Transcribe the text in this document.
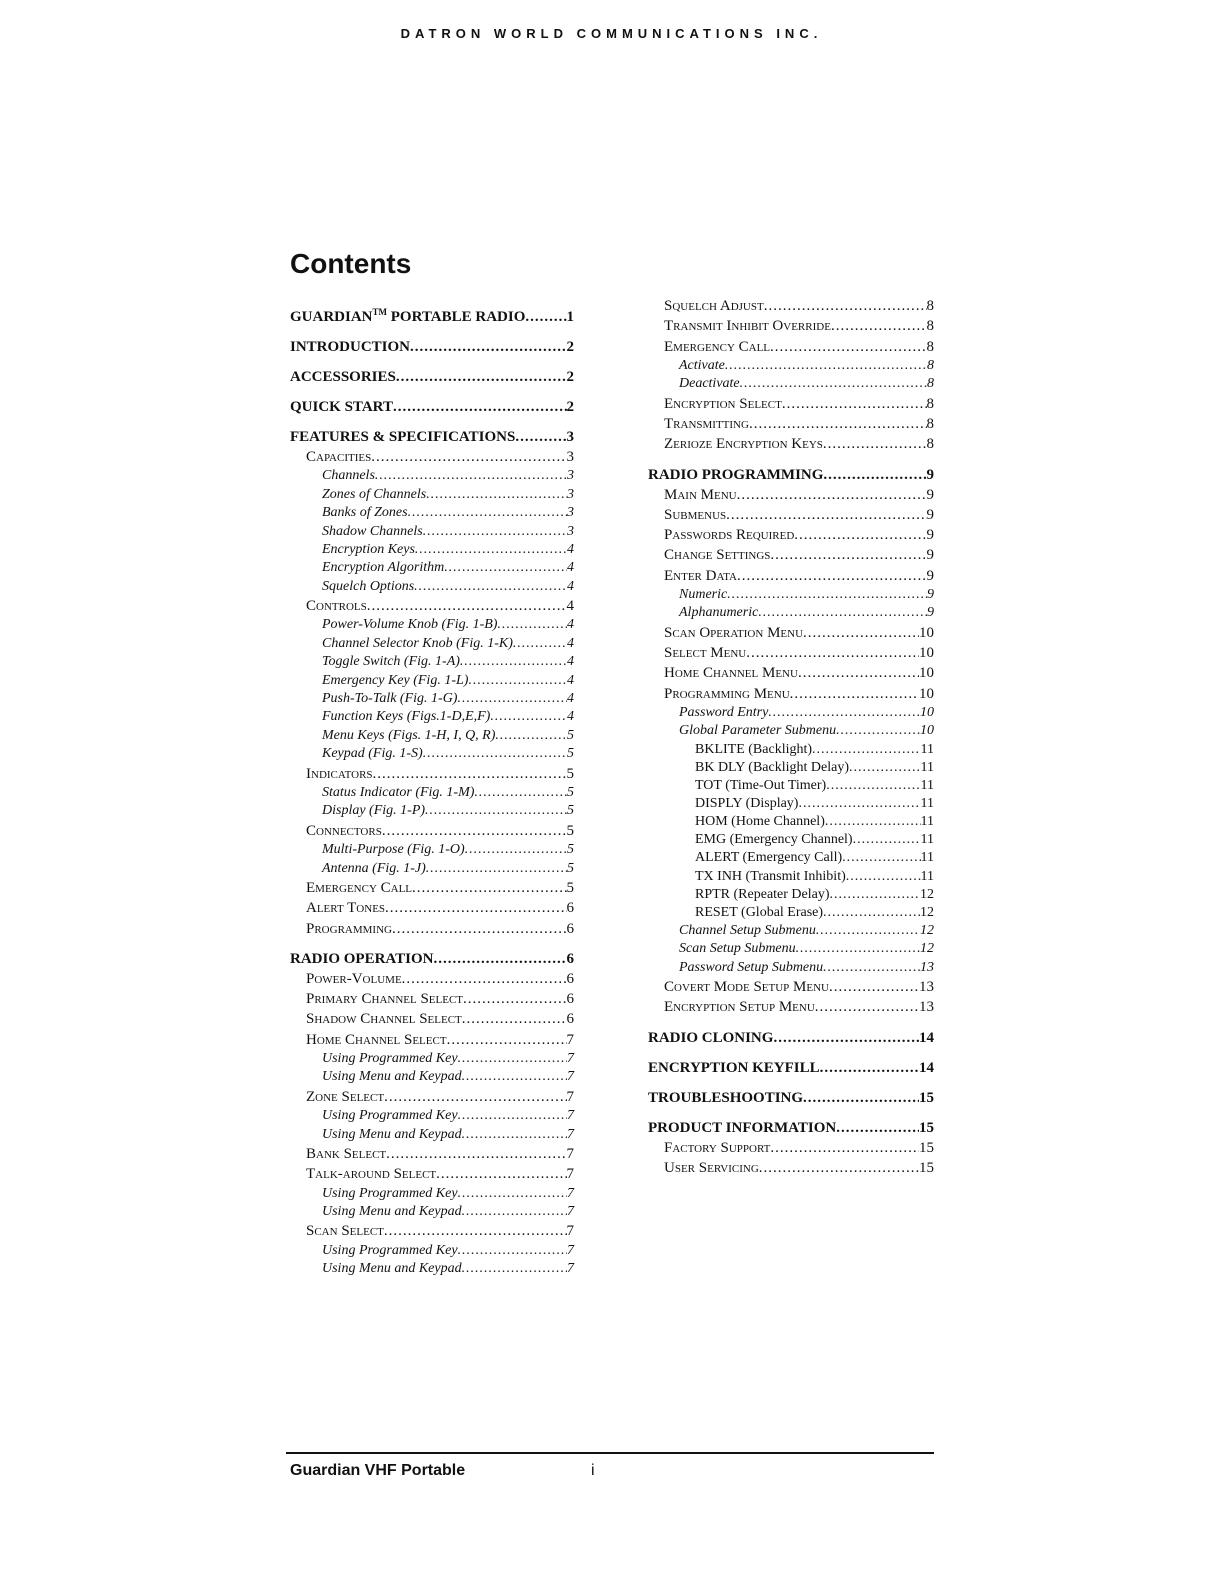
DATRON WORLD COMMUNICATIONS INC.
Contents
GUARDIAN™ PORTABLE RADIO .....	1
INTRODUCTION .....	2
ACCESSORIES .....	2
QUICK START .....	2
FEATURES & SPECIFICATIONS .....	3
Capacities .....	3
Channels .....	3
Zones of Channels .....	3
Banks of Zones .....	3
Shadow Channels .....	3
Encryption Keys .....	4
Encryption Algorithm .....	4
Squelch Options .....	4
Controls .....	4
Power-Volume Knob (Fig. 1-B) .....	4
Channel Selector Knob (Fig. 1-K) .....	4
Toggle Switch (Fig. 1-A) .....	4
Emergency Key (Fig. 1-L) .....	4
Push-To-Talk (Fig. 1-G) .....	4
Function Keys (Figs.1-D,E,F) .....	4
Menu Keys (Figs. 1-H, I, Q, R) .....	5
Keypad (Fig. 1-S) .....	5
Indicators .....	5
Status Indicator (Fig. 1-M) .....	5
Display (Fig. 1-P) .....	5
Connectors .....	5
Multi-Purpose (Fig. 1-O) .....	5
Antenna (Fig. 1-J) .....	5
Emergency Call .....	5
Alert Tones .....	6
Programming .....	6
RADIO OPERATION .....	6
Power-Volume .....	6
Primary Channel Select .....	6
Shadow Channel Select .....	6
Home Channel Select .....	7
Using Programmed Key .....	7
Using Menu and Keypad .....	7
Zone Select .....	7
Using Programmed Key .....	7
Using Menu and Keypad .....	7
Bank Select .....	7
Talk-around Select .....	7
Using Programmed Key .....	7
Using Menu and Keypad .....	7
Scan Select .....	7
Using Programmed Key .....	7
Using Menu and Keypad .....	7
Squelch Adjust .....	8
Transmit Inhibit Override .....	8
Emergency Call .....	8
Activate .....	8
Deactivate .....	8
Encryption Select .....	8
Transmitting .....	8
Zerioze Encryption Keys .....	8
RADIO PROGRAMMING .....	9
Main Menu .....	9
Submenus .....	9
Passwords Required .....	9
Change Settings .....	9
Enter Data .....	9
Numeric .....	9
Alphanumeric .....	9
Scan Operation Menu .....	10
Select Menu .....	10
Home Channel Menu .....	10
Programming Menu .....	10
Password Entry .....	10
Global Parameter Submenu .....	10
BKLITE (Backlight) .....	11
BK DLY (Backlight Delay) .....	11
TOT (Time-Out Timer) .....	11
DISPLY (Display) .....	11
HOM (Home Channel) .....	11
EMG (Emergency Channel) .....	11
ALERT (Emergency Call) .....	11
TX INH (Transmit Inhibit) .....	11
RPTR (Repeater Delay) .....	12
RESET (Global Erase) .....	12
Channel Setup Submenu .....	12
Scan Setup Submenu .....	12
Password Setup Submenu .....	13
Covert Mode Setup Menu .....	13
Encryption Setup Menu .....	13
RADIO CLONING .....	14
ENCRYPTION KEYFILL .....	14
TROUBLESHOOTING .....	15
PRODUCT INFORMATION .....	15
Factory Support .....	15
User Servicing .....	15
Guardian VHF Portable	i
